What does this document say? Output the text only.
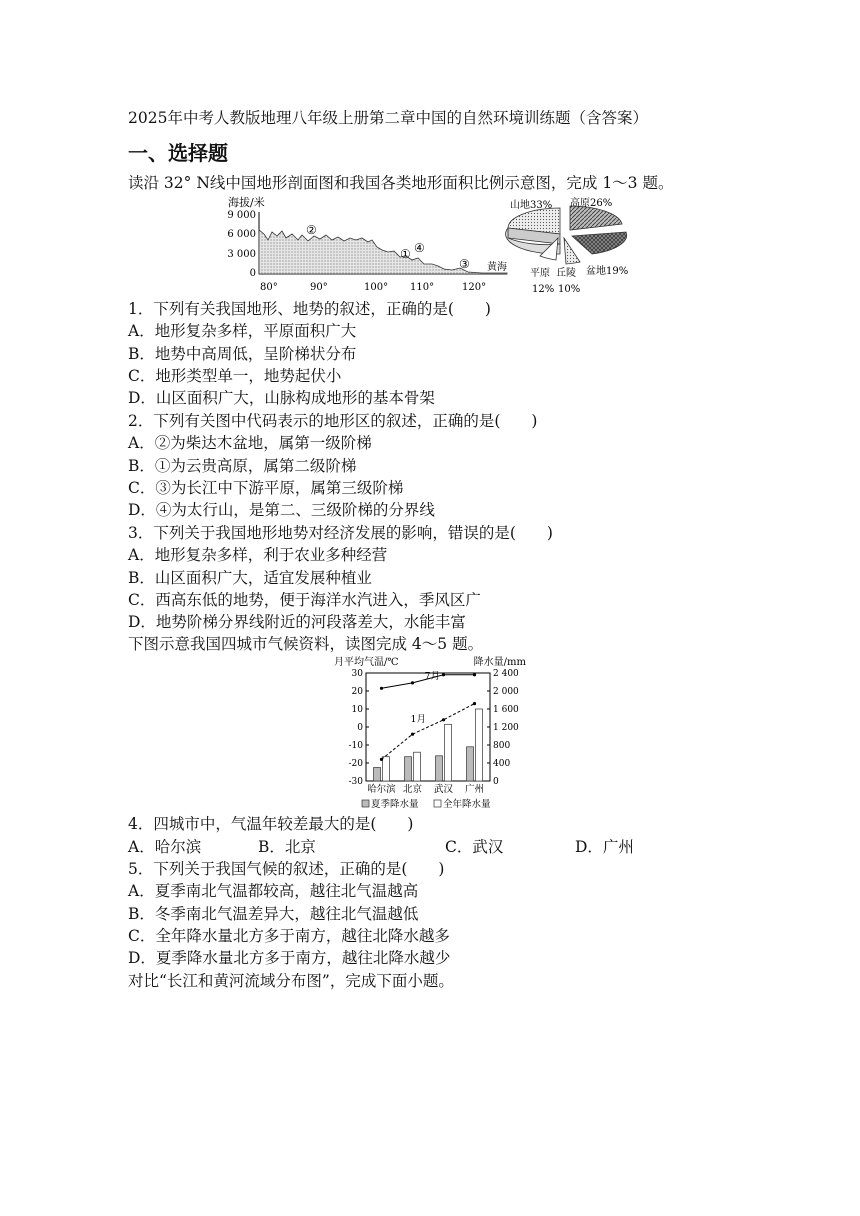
2025年中考人教版地理八年级上册第二章中国的自然环境训练题（含答案）
一、选择题
读沿 32° N线中国地形剖面图和我国各类地形面积比例示意图，完成 1～3 题。
海拔/米
9 000
6 000
3 000
0
②
① ④
③ 黄海
80°	90°	100° 110°	120°
山地33% 高原26%
盆地19%
平原
12%
丘陵
10%
1．下列有关我国地形、地势的叙述，正确的是(　　)
A．地形复杂多样，平原面积广大
B．地势中高周低，呈阶梯状分布
C．地形类型单一，地势起伏小
D．山区面积广大，山脉构成地形的基本骨架
2．下列有关图中代码表示的地形区的叙述，正确的是(　　)
A．②为柴达木盆地，属第一级阶梯
B．①为云贵高原，属第二级阶梯
C．③为长江中下游平原，属第三级阶梯
D．④为太行山，是第二、三级阶梯的分界线
3．下列关于我国地形地势对经济发展的影响，错误的是(　　)
A．地形复杂多样，利于农业多种经营
B．山区面积广大，适宜发展种植业
C．西高东低的地势，便于海洋水汽进入，季风区广
D．地势阶梯分界线附近的河段落差大，水能丰富
下图示意我国四城市气候资料，读图完成 4～5 题。
月平均气温/℃	降水量/mm
30
20
10
0
-10
-20
-30
2 400
2 000
1 600
1 200
800
400
0
哈尔滨 北京 武汉 广州
7月
1月
夏季降水量	全年降水量
4．四城市中，气温年较差最大的是(　　)
A．哈尔滨	B．北京	C．武汉	D．广州
5．下列关于我国气候的叙述，正确的是(　　)
A．夏季南北气温都较高，越往北气温越高
B．冬季南北气温差异大，越往北气温越低
C．全年降水量北方多于南方，越往北降水越多
D．夏季降水量北方多于南方，越往北降水越少
对比“长江和黄河流域分布图”，完成下面小题。
